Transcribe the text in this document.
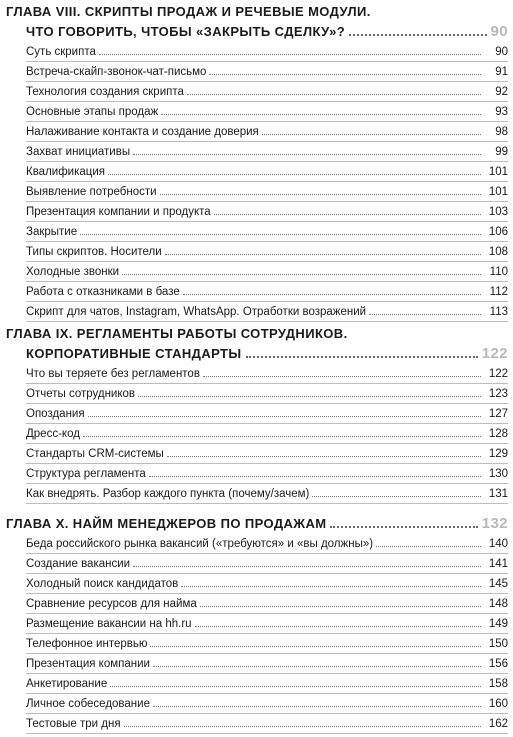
ГЛАВА VIII. СКРИПТЫ ПРОДАЖ И РЕЧЕВЫЕ МОДУЛИ.
ЧТО ГОВОРИТЬ, ЧТОБЫ «ЗАКРЫТЬ СДЕЛКУ»?	90
Суть скрипта	90
Встреча-скайп-звонок-чат-письмо	91
Технология создания скрипта	92
Основные этапы продаж	93
Налаживание контакта и создание доверия	98
Захват инициативы	99
Квалификация	101
Выявление потребности	101
Презентация компании и продукта	103
Закрытие	106
Типы скриптов. Носители	108
Холодные звонки	110
Работа с отказниками в базе	112
Скрипт для чатов, Instagram, WhatsApp. Отработки возражений	113
ГЛАВА IX. РЕГЛАМЕНТЫ РАБОТЫ СОТРУДНИКОВ.
КОРПОРАТИВНЫЕ СТАНДАРТЫ	122
Что вы теряете без регламентов	122
Отчеты сотрудников	123
Опоздания	127
Дресс-код	128
Стандарты CRM-системы	129
Структура регламента	130
Как внедрять. Разбор каждого пункта (почему/зачем)	131
ГЛАВА X. НАЙМ МЕНЕДЖЕРОВ ПО ПРОДАЖАМ	132
Беда российского рынка вакансий («требуются» и «вы должны»)	140
Создание вакансии	141
Холодный поиск кандидатов	145
Сравнение ресурсов для найма	148
Размещение вакансии на hh.ru	149
Телефонное интервью	150
Презентация компании	156
Анкетирование	158
Личное собеседование	160
Тестовые три дня	162
